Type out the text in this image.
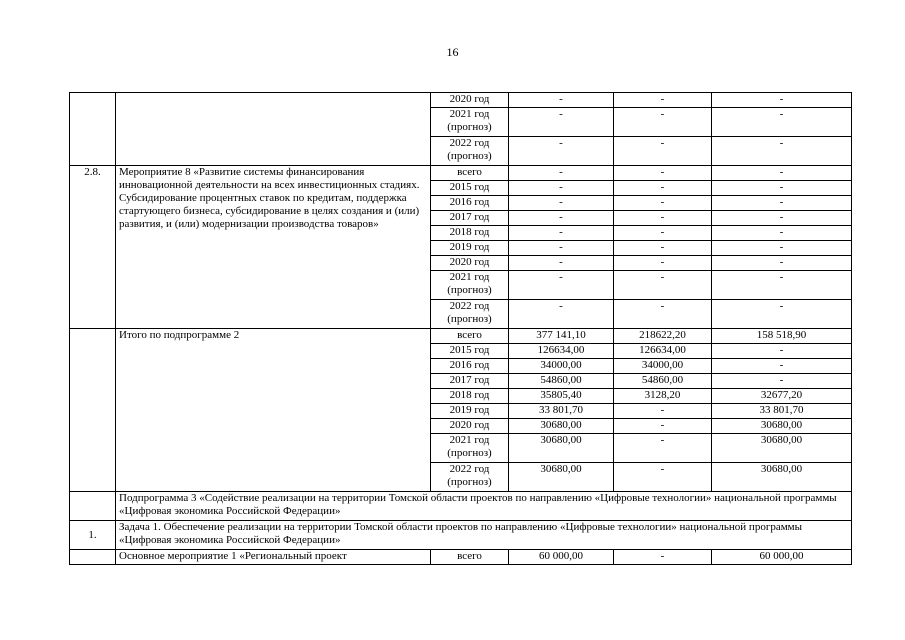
16
		2020 год	-	-	-
		2021 год (прогноз)	-	-	-
		2022 год (прогноз)	-	-	-
2.8.	Мероприятие 8 «Развитие системы финансирования инновационной деятельности на всех инвестиционных стадиях. Субсидирование процентных ставок по кредитам, поддержка стартующего бизнеса, субсидирование в целях создания и (или) развития, и (или) модернизации производства товаров»	всего	-	-	-
		2015 год	-	-	-
		2016 год	-	-	-
		2017 год	-	-	-
		2018 год	-	-	-
		2019 год	-	-	-
		2020 год	-	-	-
		2021 год (прогноз)	-	-	-
		2022 год (прогноз)	-	-	-
	Итого по подпрограмме 2	всего	377 141,10	218622,20	158 518,90
		2015 год	126634,00	126634,00	-
		2016 год	34000,00	34000,00	-
		2017 год	54860,00	54860,00	-
		2018 год	35805,40	3128,20	32677,20
		2019 год	33 801,70	-	33 801,70
		2020 год	30680,00	-	30680,00
		2021 год (прогноз)	30680,00	-	30680,00
		2022 год (прогноз)	30680,00	-	30680,00
	Подпрограмма 3 «Содействие реализации на территории Томской области проектов по направлению «Цифровые технологии» национальной программы «Цифровая экономика Российской Федерации»				
1.	Задача 1. Обеспечение реализации на территории Томской области проектов по направлению «Цифровые технологии» национальной программы «Цифровая экономика Российской Федерации»				
	Основное мероприятие 1 «Региональный проект	всего	60 000,00	-	60 000,00
